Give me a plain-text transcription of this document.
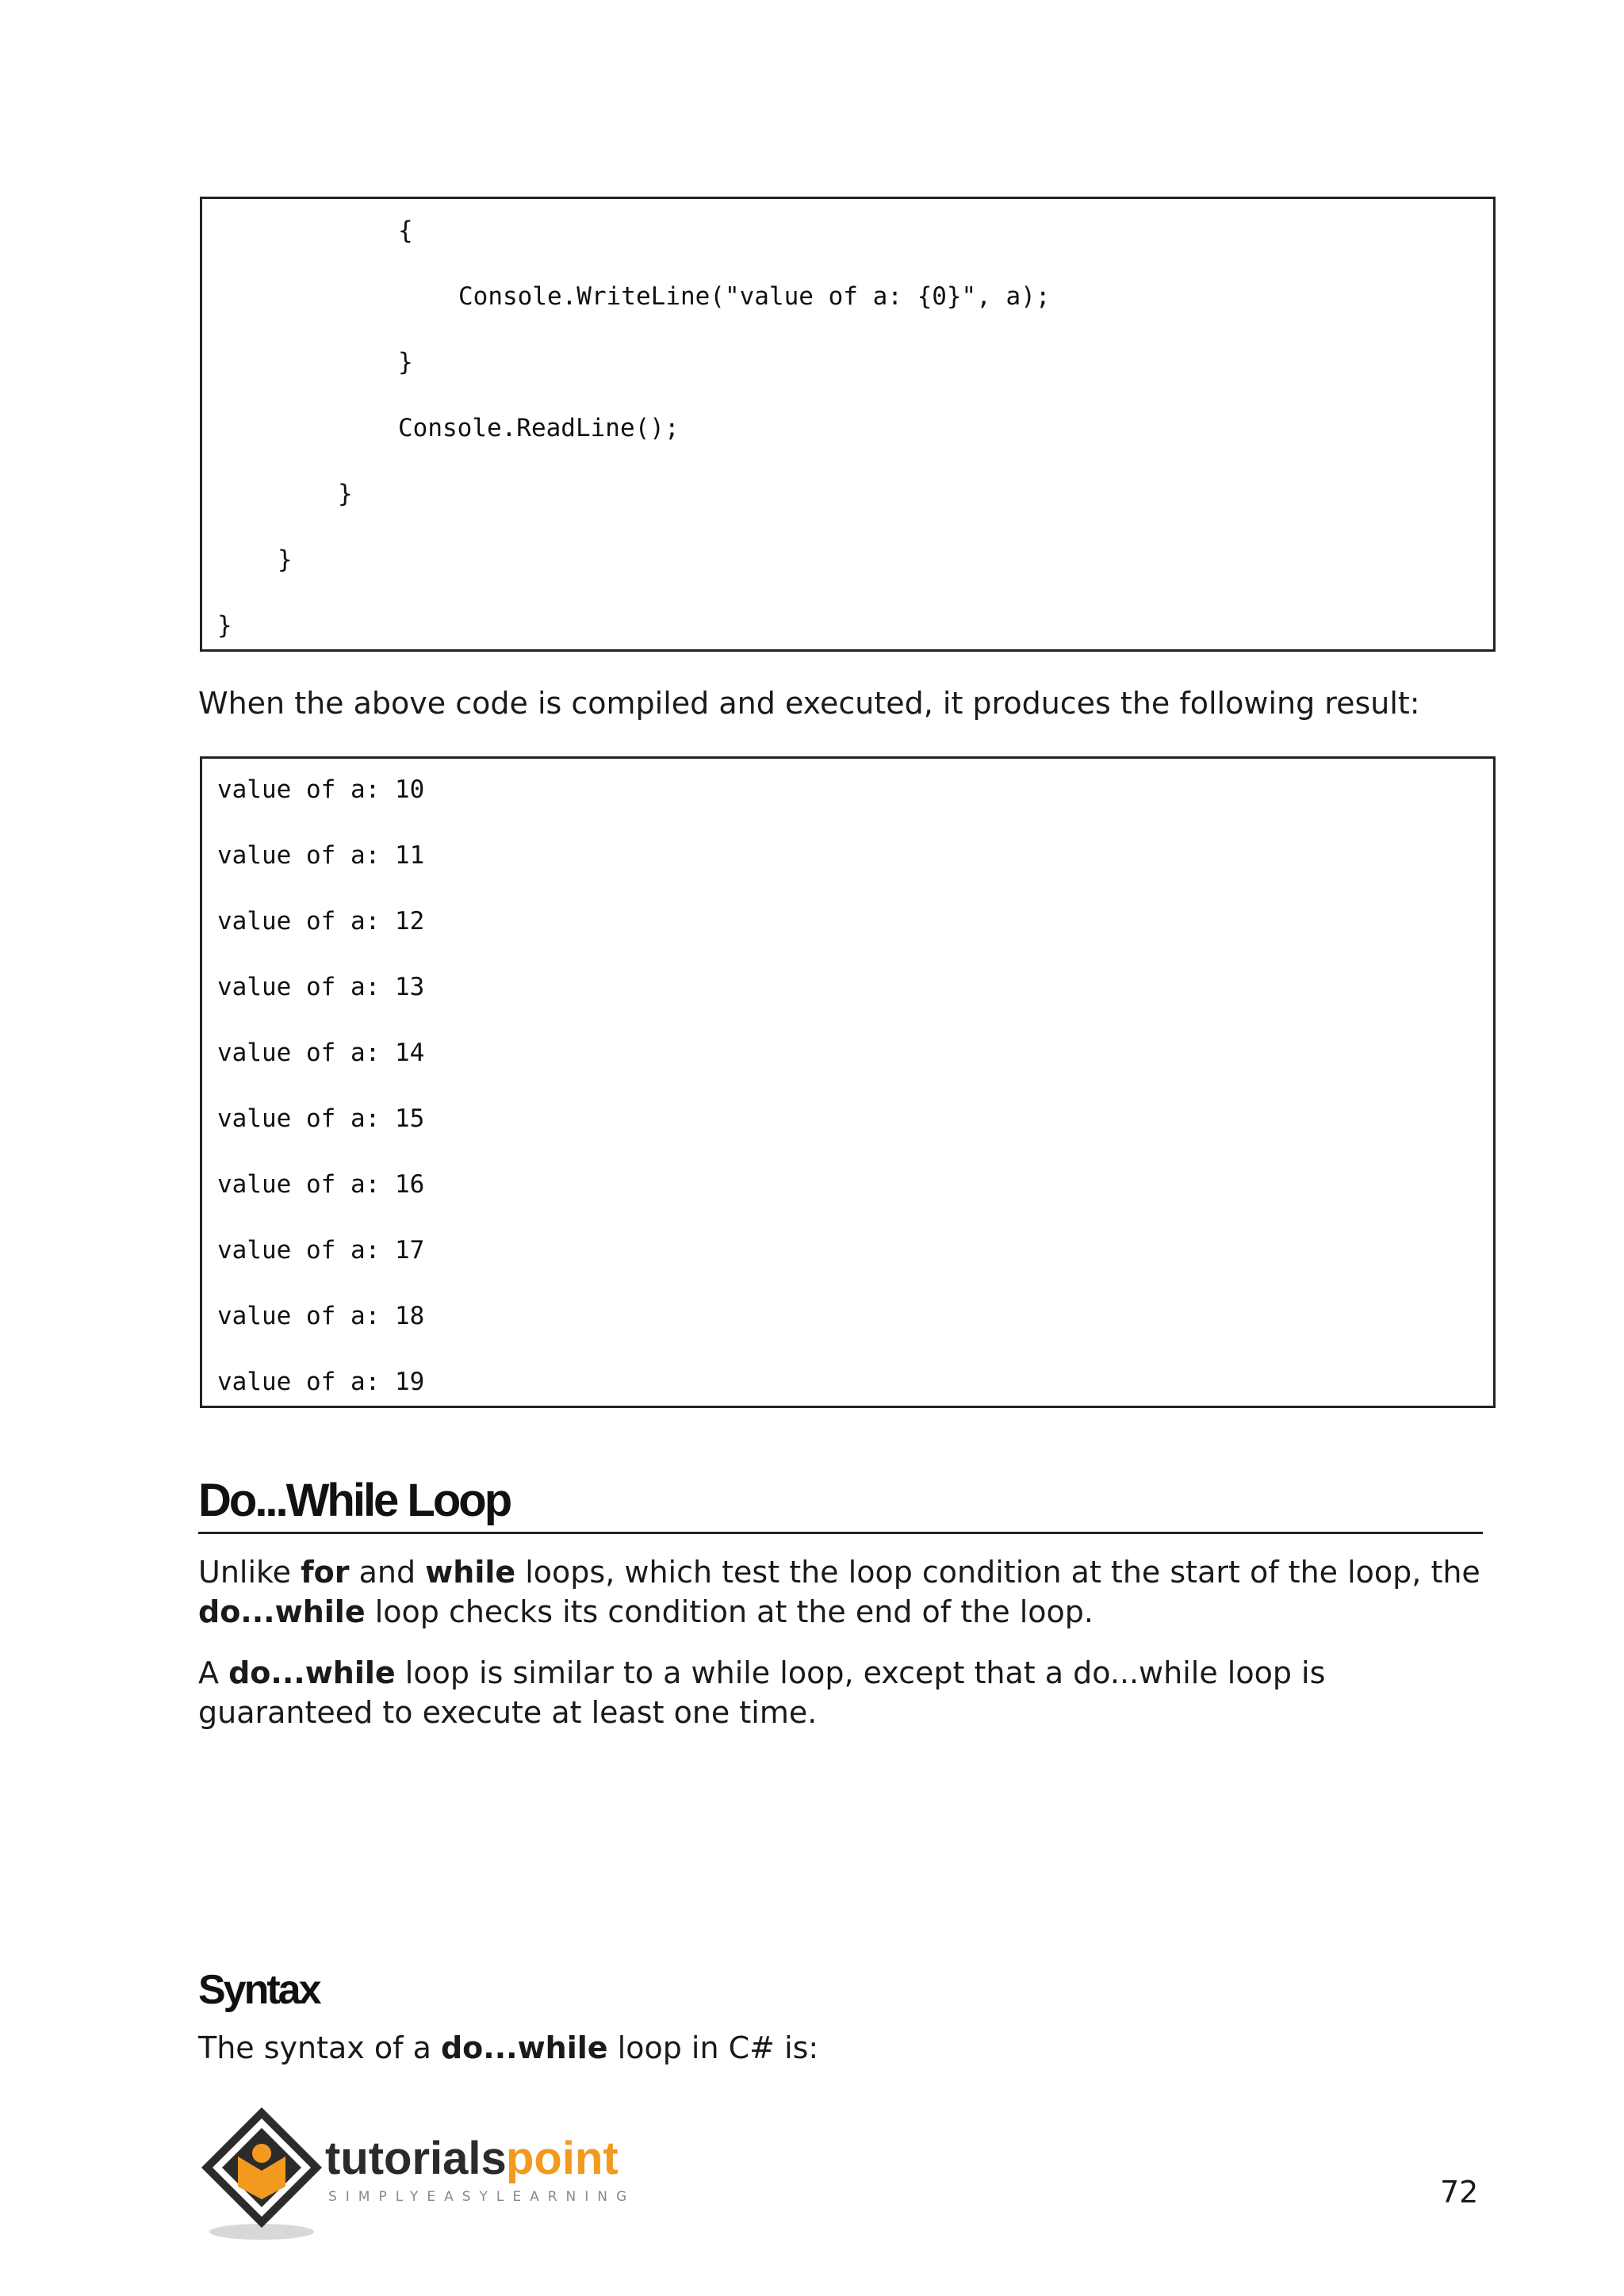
{
Console.WriteLine("value of a: {0}", a);
}
Console.ReadLine();
}
}
}

When the above code is compiled and executed, it produces the following result:

value of a: 10
value of a: 11
value of a: 12
value of a: 13
value of a: 14
value of a: 15
value of a: 16
value of a: 17
value of a: 18
value of a: 19
Do...While Loop

Unlike for and while loops, which test the loop condition at the start of the loop, the do...while loop checks its condition at the end of the loop.

A do...while loop is similar to a while loop, except that a do...while loop is guaranteed to execute at least one time.

Syntax

The syntax of a do...while loop in C# is:

tutorials point
SIMPLYEASYLEARNING	72
